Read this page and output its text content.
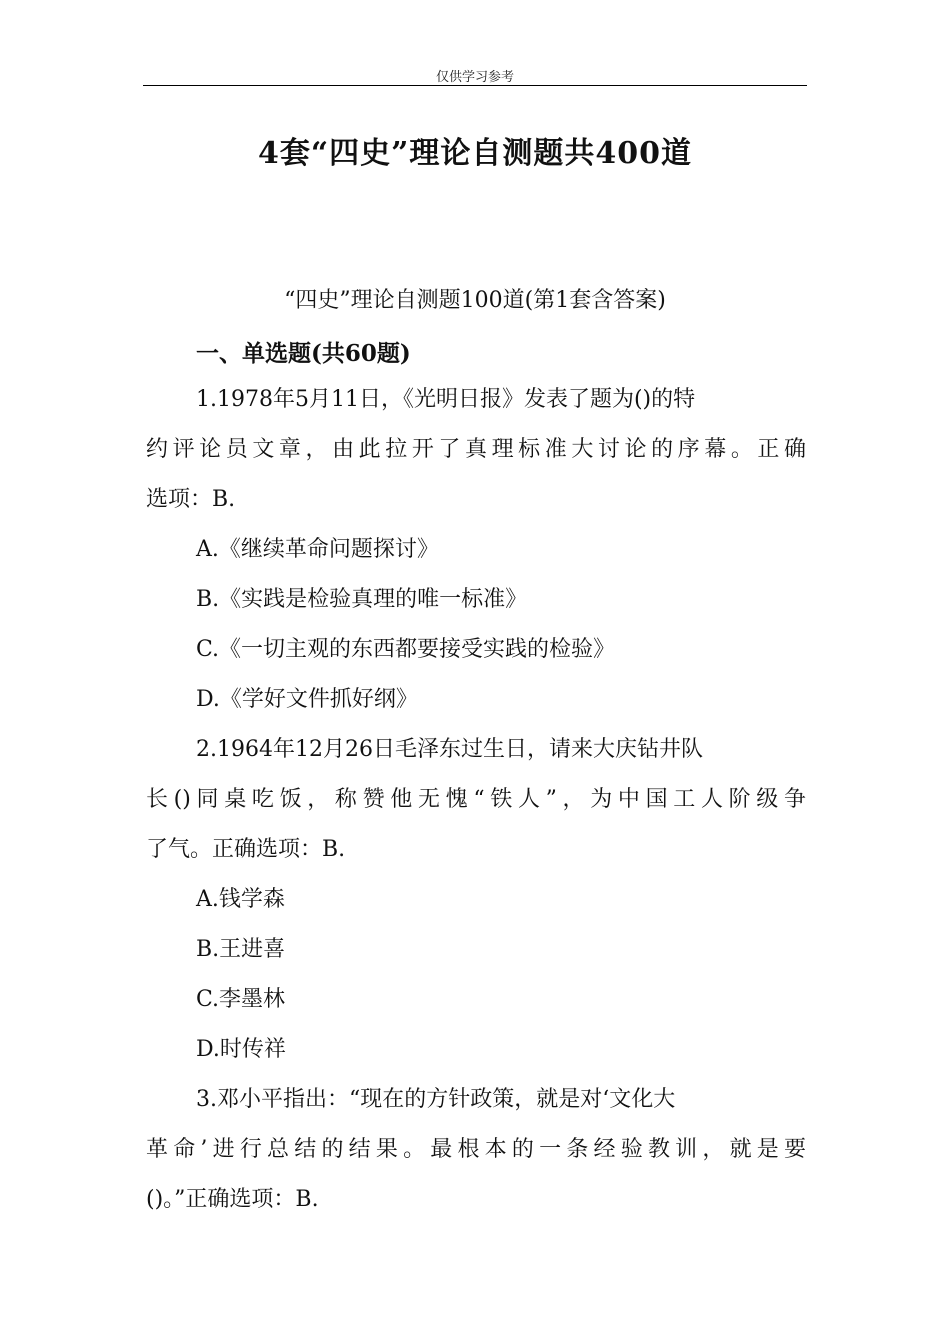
仅供学习参考
4套“四史”理论自测题共400道
“四史”理论自测题100道(第1套含答案)
一、单选题(共60题)
1.1978年5月11日，《光明日报》发表了题为()的特
约评论员文章，由此拉开了真理标准大讨论的序幕。正确
选项：B.
A.《继续革命问题探讨》
B.《实践是检验真理的唯一标准》
C.《一切主观的东西都要接受实践的检验》
D.《学好文件抓好纲》
2.1964年12月26日毛泽东过生日，请来大庆钻井队
长()同桌吃饭，称赞他无愧“铁人”，为中国工人阶级争
了气。正确选项：B.
A.钱学森
B.王进喜
C.李墨林
D.时传祥
3.邓小平指出：“现在的方针政策，就是对‘文化大
革命’进行总结的结果。最根本的一条经验教训，就是要
()。”正确选项：B.
